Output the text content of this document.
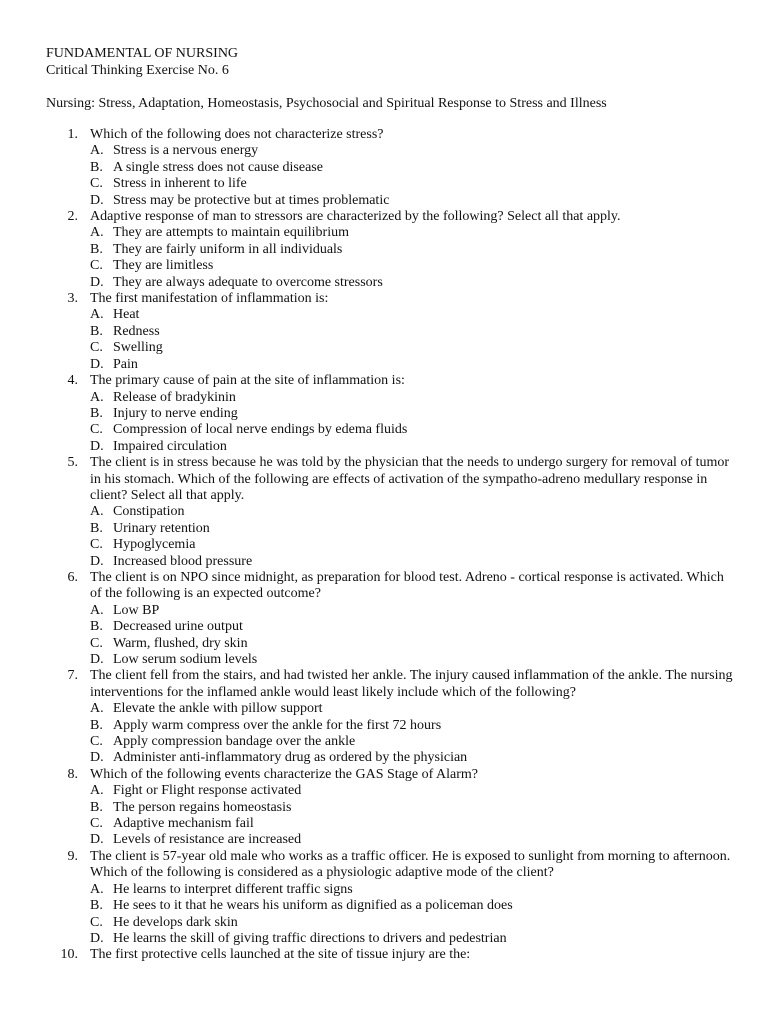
FUNDAMENTAL OF NURSING
Critical Thinking Exercise No. 6
Nursing: Stress, Adaptation, Homeostasis, Psychosocial and Spiritual Response to Stress and Illness
1. Which of the following does not characterize stress?
A. Stress is a nervous energy
B. A single stress does not cause disease
C. Stress in inherent to life
D. Stress may be protective but at times problematic
2. Adaptive response of man to stressors are characterized by the following? Select all that apply.
A. They are attempts to maintain equilibrium
B. They are fairly uniform in all individuals
C. They are limitless
D. They are always adequate to overcome stressors
3. The first manifestation of inflammation is:
A. Heat
B. Redness
C. Swelling
D. Pain
4. The primary cause of pain at the site of inflammation is:
A. Release of bradykinin
B. Injury to nerve ending
C. Compression of local nerve endings by edema fluids
D. Impaired circulation
5. The client is in stress because he was told by the physician that the needs to undergo surgery for removal of tumor in his stomach. Which of the following are effects of activation of the sympatho-adreno medullary response in client? Select all that apply.
A. Constipation
B. Urinary retention
C. Hypoglycemia
D. Increased blood pressure
6. The client is on NPO since midnight, as preparation for blood test. Adreno - cortical response is activated. Which of the following is an expected outcome?
A. Low BP
B. Decreased urine output
C. Warm, flushed, dry skin
D. Low serum sodium levels
7. The client fell from the stairs, and had twisted her ankle. The injury caused inflammation of the ankle. The nursing interventions for the inflamed ankle would least likely include which of the following?
A. Elevate the ankle with pillow support
B. Apply warm compress over the ankle for the first 72 hours
C. Apply compression bandage over the ankle
D. Administer anti-inflammatory drug as ordered by the physician
8. Which of the following events characterize the GAS Stage of Alarm?
A. Fight or Flight response activated
B. The person regains homeostasis
C. Adaptive mechanism fail
D. Levels of resistance are increased
9. The client is 57-year old male who works as a traffic officer. He is exposed to sunlight from morning to afternoon. Which of the following is considered as a physiologic adaptive mode of the client?
A. He learns to interpret different traffic signs
B. He sees to it that he wears his uniform as dignified as a policeman does
C. He develops dark skin
D. He learns the skill of giving traffic directions to drivers and pedestrian
10. The first protective cells launched at the site of tissue injury are the:
